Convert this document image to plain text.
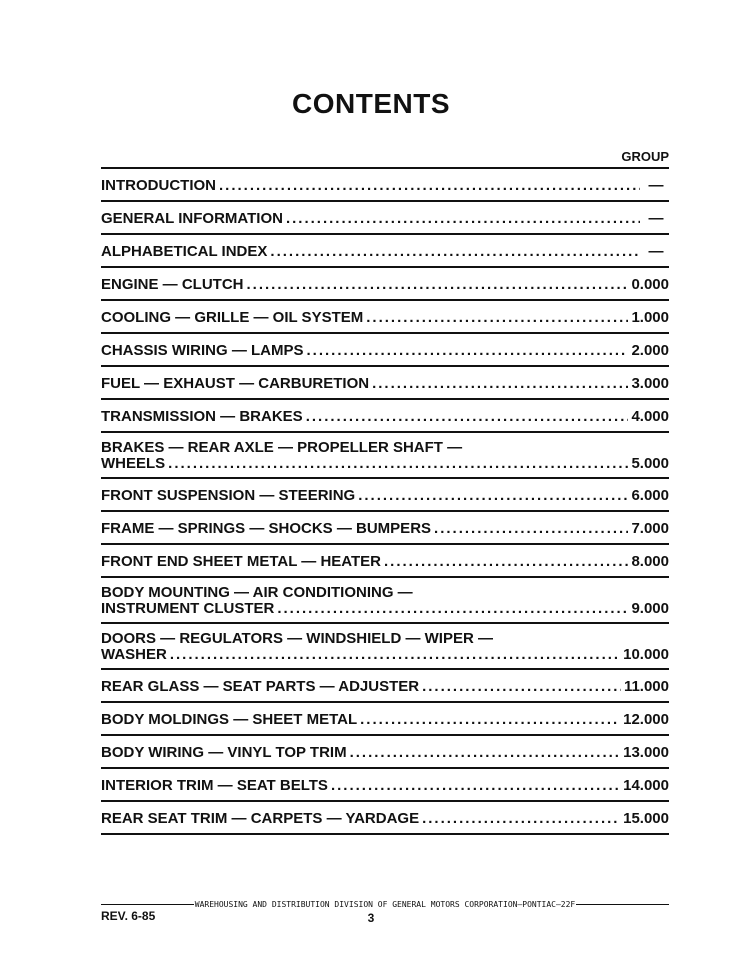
CONTENTS
GROUP
INTRODUCTION .....	—
GENERAL INFORMATION .....	—
ALPHABETICAL INDEX .....	—
ENGINE — CLUTCH .....	0.000
COOLING — GRILLE — OIL SYSTEM .....	1.000
CHASSIS WIRING — LAMPS .....	2.000
FUEL — EXHAUST — CARBURETION .....	3.000
TRANSMISSION — BRAKES .....	4.000
BRAKES — REAR AXLE — PROPELLER SHAFT —
WHEELS .....	5.000
FRONT SUSPENSION — STEERING .....	6.000
FRAME — SPRINGS — SHOCKS — BUMPERS .....	7.000
FRONT END SHEET METAL — HEATER .....	8.000
BODY MOUNTING — AIR CONDITIONING —
INSTRUMENT CLUSTER .....	9.000
DOORS — REGULATORS — WINDSHIELD — WIPER —
WASHER .....	10.000
REAR GLASS — SEAT PARTS — ADJUSTER .....	11.000
BODY MOLDINGS — SHEET METAL .....	12.000
BODY WIRING — VINYL TOP TRIM .....	13.000
INTERIOR TRIM — SEAT BELTS .....	14.000
REAR SEAT TRIM — CARPETS — YARDAGE .....	15.000
WAREHOUSING AND DISTRIBUTION DIVISION OF GENERAL MOTORS CORPORATION—PONTIAC—22F
REV. 6-85	3
